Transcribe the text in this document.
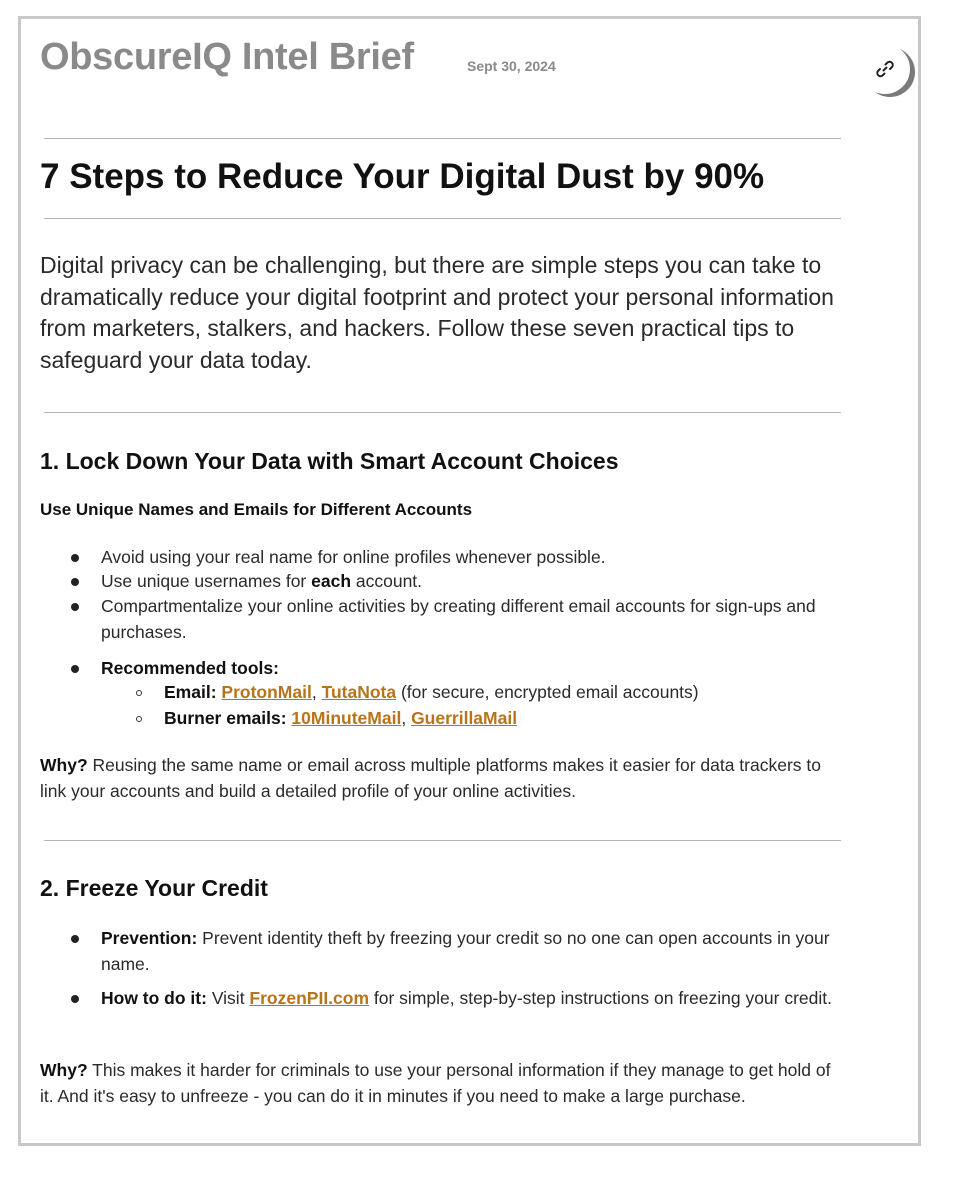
ObscureIQ Intel Brief	Sept 30, 2024
7 Steps to Reduce Your Digital Dust by 90%
Digital privacy can be challenging, but there are simple steps you can take to dramatically reduce your digital footprint and protect your personal information from marketers, stalkers, and hackers. Follow these seven practical tips to safeguard your data today.
1. Lock Down Your Data with Smart Account Choices
Use Unique Names and Emails for Different Accounts
Avoid using your real name for online profiles whenever possible.
Use unique usernames for each account.
Compartmentalize your online activities by creating different email accounts for sign-ups and purchases.
Recommended tools:
Email: ProtonMail, TutaNota (for secure, encrypted email accounts)
Burner emails: 10MinuteMail, GuerrillaMail
Why? Reusing the same name or email across multiple platforms makes it easier for data trackers to link your accounts and build a detailed profile of your online activities.
2. Freeze Your Credit
Prevention: Prevent identity theft by freezing your credit so no one can open accounts in your name.
How to do it: Visit FrozenPII.com for simple, step-by-step instructions on freezing your credit.
Why? This makes it harder for criminals to use your personal information if they manage to get hold of it. And it's easy to unfreeze - you can do it in minutes if you need to make a large purchase.
